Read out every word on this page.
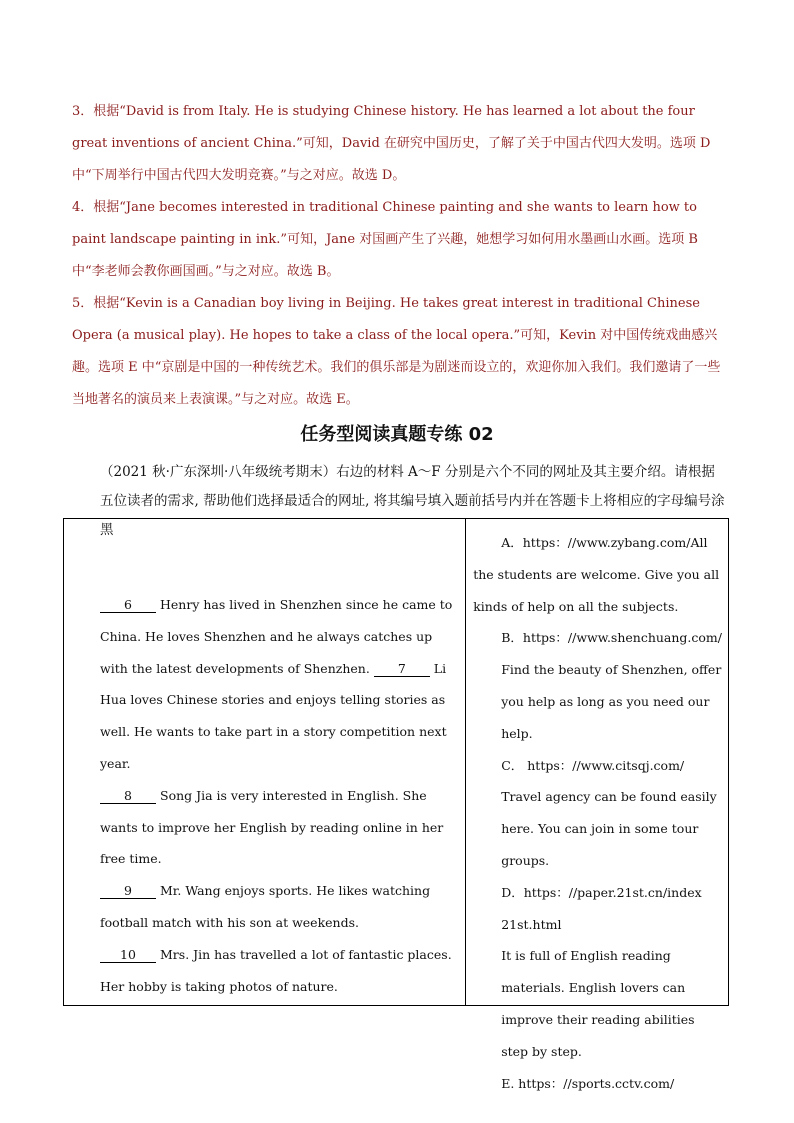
3．根据“David is from Italy. He is studying Chinese history. He has learned a lot about the four great inventions of ancient China.”可知，David 在研究中国历史，了解了关于中国古代四大发明。选项 D 中“下周举行中国古代四大发明竞赛。”与之对应。故选 D。

4．根据“Jane becomes interested in traditional Chinese painting and she wants to learn how to paint landscape painting in ink.”可知，Jane 对国画产生了兴趣，她想学习如何用水墨画山水画。选项 B 中“李老师会教你画国画。”与之对应。故选 B。

5．根据“Kevin is a Canadian boy living in Beijing. He takes great interest in traditional Chinese Opera (a musical play). He hopes to take a class of the local opera.”可知，Kevin 对中国传统戏曲感兴趣。选项 E 中“京剧是中国的一种传统艺术。我们的俱乐部是为剧迷而设立的，欢迎你加入我们。我们邀请了一些当地著名的演员来上表演课。”与之对应。故选 E。

任务型阅读真题专练 02

（2021 秋·广东深圳·八年级统考期末）右边的材料 A～F 分别是六个不同的网址及其主要介绍。请根据五位读者的需求, 帮助他们选择最适合的网址, 将其编号填入题前括号内并在答题卡上将相应的字母编号涂黑

6 Henry has lived in Shenzhen since he came to China. He loves Shenzhen and he always catches up with the latest developments of Shenzhen. 7 Li Hua loves Chinese stories and enjoys telling stories as well. He wants to take part in a story competition next year.

8 Song Jia is very interested in English. She wants to improve her English by reading online in her free time.

9 Mr. Wang enjoys sports. He likes watching football match with his son at weekends.

10 Mrs. Jin has travelled a lot of fantastic places. Her hobby is taking photos of nature.

A．https：//www.zybang.com/All

the students are welcome. Give you all kinds of help on all the subjects.

B．https：//www.shenchuang.com/

Find the beauty of Shenzhen, offer you help as long as you need our help.

C． https：//www.citsqj.com/

Travel agency can be found easily here. You can join in some tour groups.

D．https：//paper.21st.cn/index 21st.html

It is full of English reading materials. English lovers can improve their reading abilities step by step.

E. https：//sports.cctv.com/
